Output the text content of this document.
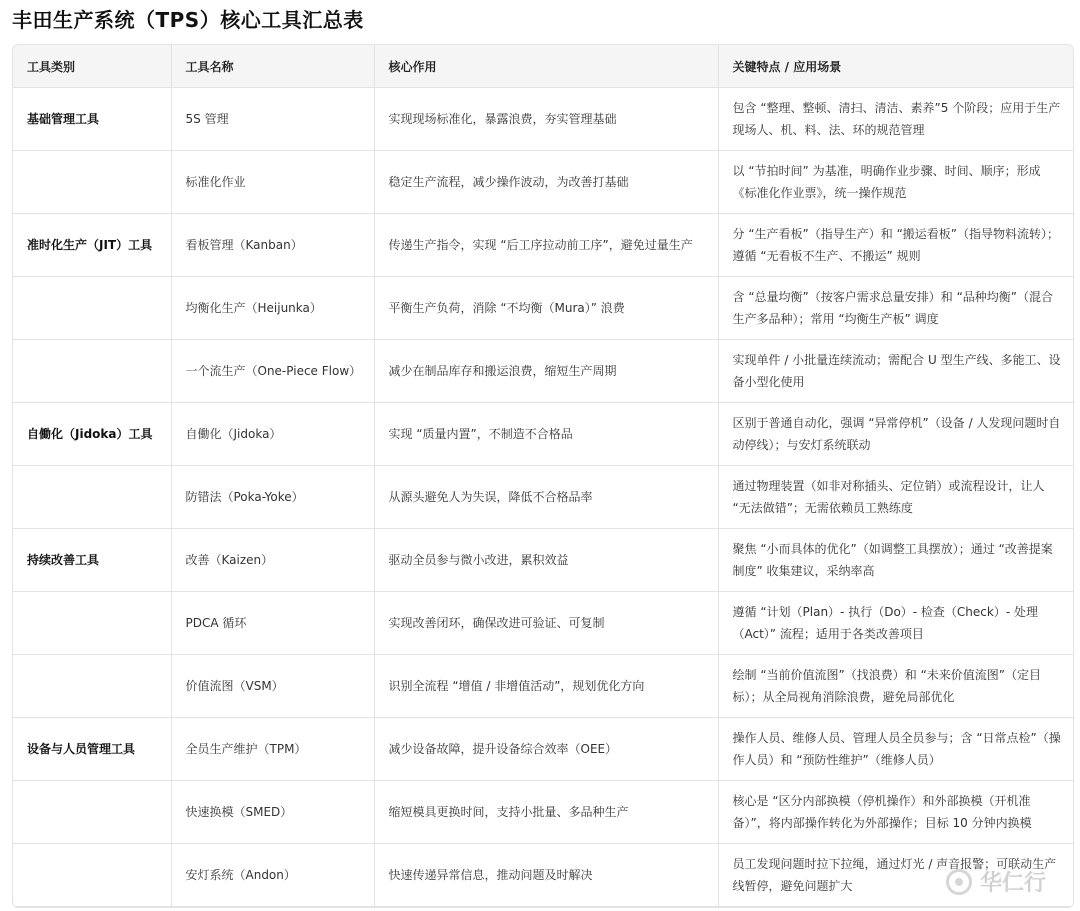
丰田生产系统（TPS）核心工具汇总表
工具类别	工具名称	核心作用	关键特点 / 应用场景
基础管理工具	5S 管理	实现现场标准化，暴露浪费，夯实管理基础	包含 “整理、整顿、清扫、清洁、素养”5 个阶段；应用于生产现场人、机、料、法、环的规范管理
	标准化作业	稳定生产流程，减少操作波动，为改善打基础	以 “节拍时间” 为基准，明确作业步骤、时间、顺序；形成《标准化作业票》，统一操作规范
准时化生产（JIT）工具	看板管理（Kanban）	传递生产指令，实现 “后工序拉动前工序”，避免过量生产	分 “生产看板”（指导生产）和 “搬运看板”（指导物料流转）；遵循 “无看板不生产、不搬运” 规则
	均衡化生产（Heijunka）	平衡生产负荷，消除 “不均衡（Mura）” 浪费	含 “总量均衡”（按客户需求总量安排）和 “品种均衡”（混合生产多品种）；常用 “均衡生产板” 调度
	一个流生产（One-Piece Flow）	减少在制品库存和搬运浪费，缩短生产周期	实现单件 / 小批量连续流动；需配合 U 型生产线、多能工、设备小型化使用
自働化（Jidoka）工具	自働化（Jidoka）	实现 “质量内置”，不制造不合格品	区别于普通自动化，强调 “异常停机”（设备 / 人发现问题时自动停线）；与安灯系统联动
	防错法（Poka-Yoke）	从源头避免人为失误，降低不合格品率	通过物理装置（如非对称插头、定位销）或流程设计，让人 “无法做错”；无需依赖员工熟练度
持续改善工具	改善（Kaizen）	驱动全员参与微小改进，累积效益	聚焦 “小而具体的优化”（如调整工具摆放）；通过 “改善提案制度” 收集建议，采纳率高
	PDCA 循环	实现改善闭环，确保改进可验证、可复制	遵循 “计划（Plan）- 执行（Do）- 检查（Check）- 处理（Act）” 流程；适用于各类改善项目
	价值流图（VSM）	识别全流程 “增值 / 非增值活动”，规划优化方向	绘制 “当前价值流图”（找浪费）和 “未来价值流图”（定目标）；从全局视角消除浪费，避免局部优化
设备与人员管理工具	全员生产维护（TPM）	减少设备故障，提升设备综合效率（OEE）	操作人员、维修人员、管理人员全员参与；含 “日常点检”（操作人员）和 “预防性维护”（维修人员）
	快速换模（SMED）	缩短模具更换时间，支持小批量、多品种生产	核心是 “区分内部换模（停机操作）和外部换模（开机准备）”，将内部操作转化为外部操作；目标 10 分钟内换模
	安灯系统（Andon）	快速传递异常信息，推动问题及时解决	员工发现问题时拉下拉绳，通过灯光 / 声音报警；可联动生产线暂停，避免问题扩大	华仁行
